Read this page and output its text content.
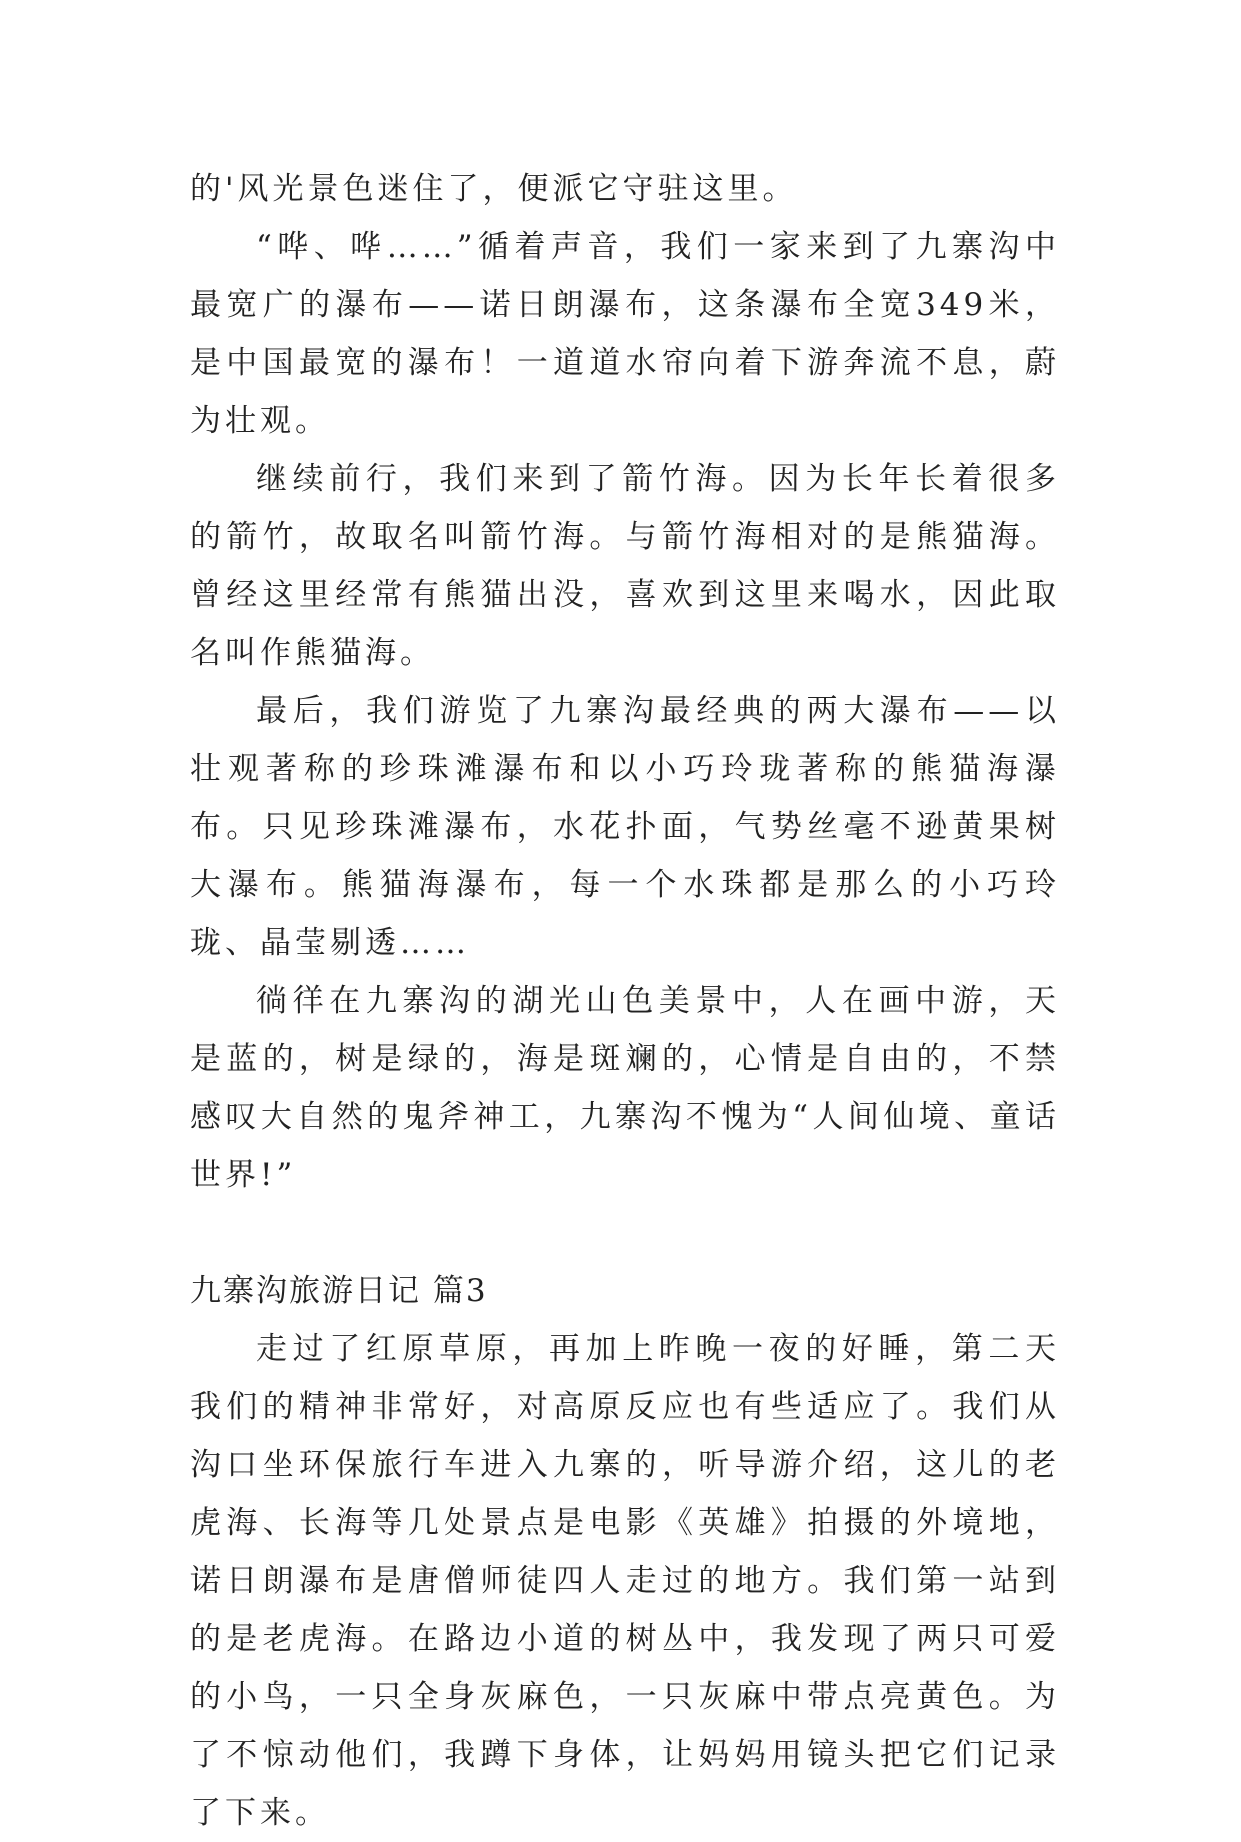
的'风光景色迷住了，便派它守驻这里。

“哗、哗……”循着声音，我们一家来到了九寨沟中最宽广的瀑布——诺日朗瀑布，这条瀑布全宽349米，是中国最宽的瀑布！一道道水帘向着下游奔流不息，蔚为壮观。

继续前行，我们来到了箭竹海。因为长年长着很多的箭竹，故取名叫箭竹海。与箭竹海相对的是熊猫海。曾经这里经常有熊猫出没，喜欢到这里来喝水，因此取名叫作熊猫海。

最后，我们游览了九寨沟最经典的两大瀑布——以壮观著称的珍珠滩瀑布和以小巧玲珑著称的熊猫海瀑布。只见珍珠滩瀑布，水花扑面，气势丝毫不逊黄果树大瀑布。熊猫海瀑布，每一个水珠都是那么的小巧玲珑、晶莹剔透……

徜徉在九寨沟的湖光山色美景中，人在画中游，天是蓝的，树是绿的，海是斑斓的，心情是自由的，不禁感叹大自然的鬼斧神工，九寨沟不愧为“人间仙境、童话世界!”

九寨沟旅游日记 篇3

走过了红原草原，再加上昨晚一夜的好睡，第二天我们的精神非常好，对高原反应也有些适应了。我们从沟口坐环保旅行车进入九寨的，听导游介绍，这儿的老虎海、长海等几处景点是电影《英雄》拍摄的外境地，诺日朗瀑布是唐僧师徒四人走过的地方。我们第一站到的是老虎海。在路边小道的树丛中，我发现了两只可爱的小鸟，一只全身灰麻色，一只灰麻中带点亮黄色。为了不惊动他们，我蹲下身体，让妈妈用镜头把它们记录了下来。
